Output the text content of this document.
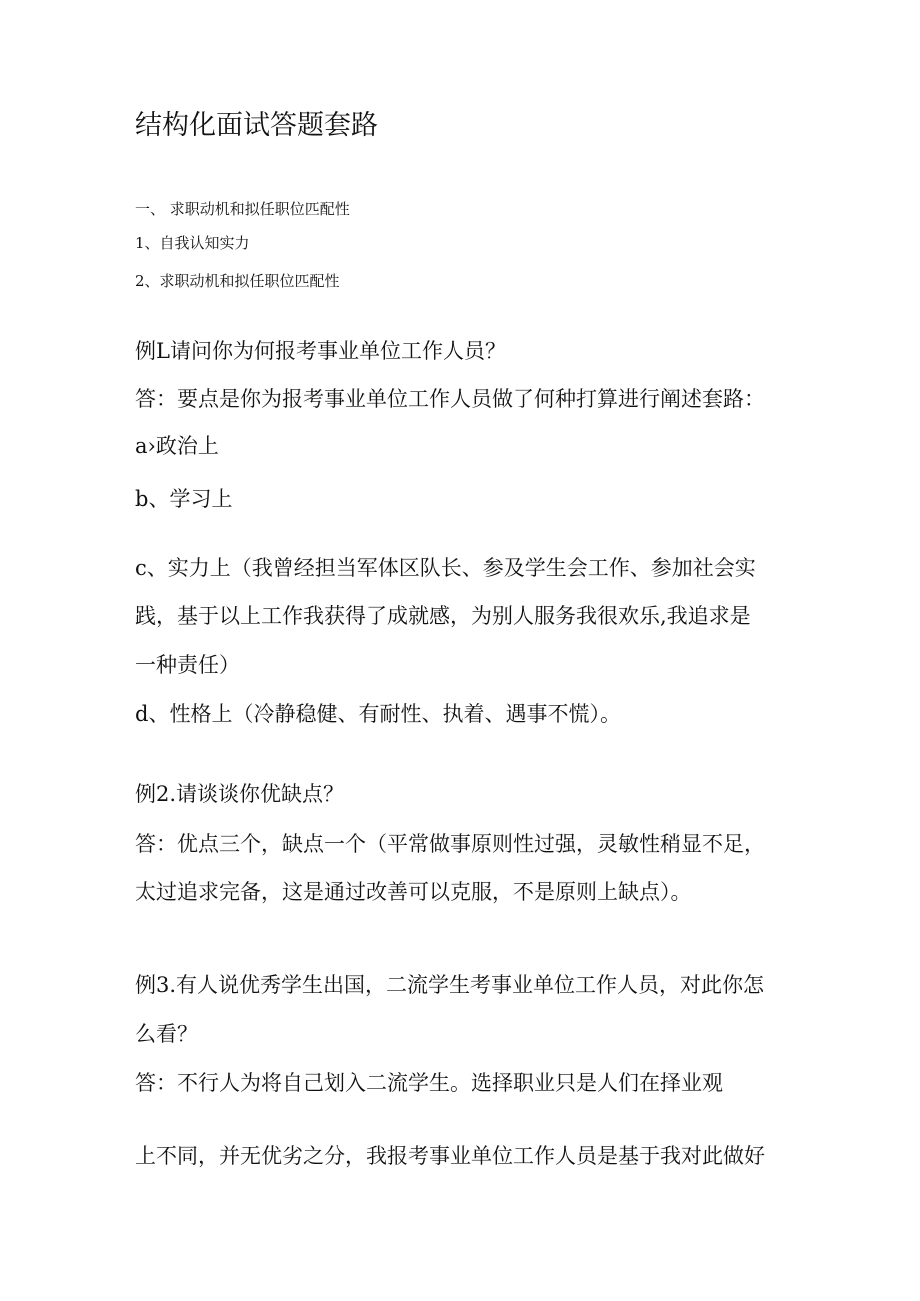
结构化面试答题套路
一、 求职动机和拟任职位匹配性
1、自我认知实力
2、求职动机和拟任职位匹配性
例L请问你为何报考事业单位工作人员？
答：要点是你为报考事业单位工作人员做了何种打算进行阐述套路：
a›政治上
b、学习上
c、实力上（我曾经担当军体区队长、参及学生会工作、参加社会实
践，基于以上工作我获得了成就感，为别人服务我很欢乐,我追求是
一种责任）
d、性格上（冷静稳健、有耐性、执着、遇事不慌）。
例2.请谈谈你优缺点？
答：优点三个，缺点一个（平常做事原则性过强，灵敏性稍显不足，
太过追求完备，这是通过改善可以克服，不是原则上缺点）。
例3.有人说优秀学生出国，二流学生考事业单位工作人员，对此你怎
么看？
答：不行人为将自己划入二流学生。选择职业只是人们在择业观
上不同，并无优劣之分，我报考事业单位工作人员是基于我对此做好
